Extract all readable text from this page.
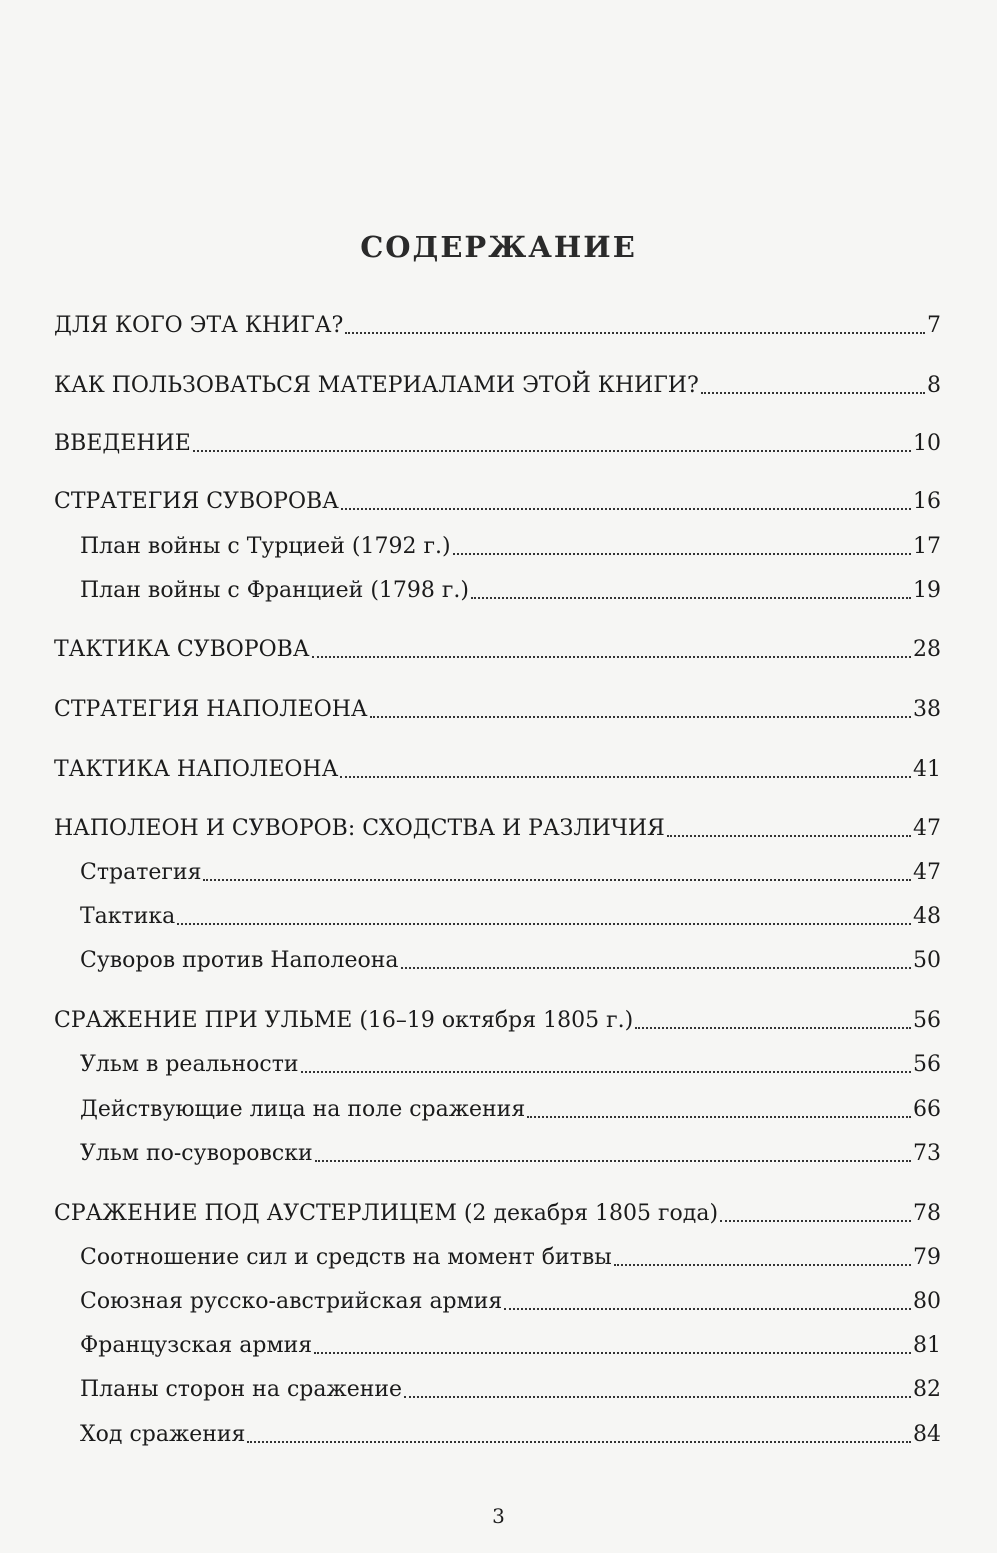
СОДЕРЖАНИЕ
ДЛЯ КОГО ЭТА КНИГА?	7
КАК ПОЛЬЗОВАТЬСЯ МАТЕРИАЛАМИ ЭТОЙ КНИГИ?	8
ВВЕДЕНИЕ	10
СТРАТЕГИЯ СУВОРОВА	16
План войны с Турцией (1792 г.)	17
План войны с Францией (1798 г.)	19
ТАКТИКА СУВОРОВА	28
СТРАТЕГИЯ НАПОЛЕОНА	38
ТАКТИКА НАПОЛЕОНА	41
НАПОЛЕОН И СУВОРОВ: СХОДСТВА И РАЗЛИЧИЯ	47
Стратегия	47
Тактика	48
Суворов против Наполеона	50
СРАЖЕНИЕ ПРИ УЛЬМЕ (16–19 октября 1805 г.)	56
Ульм в реальности	56
Действующие лица на поле сражения	66
Ульм по-суворовски	73
СРАЖЕНИЕ ПОД АУСТЕРЛИЦЕМ (2 декабря 1805 года)	78
Соотношение сил и средств на момент битвы	79
Союзная русско-австрийская армия	80
Французская армия	81
Планы сторон на сражение	82
Ход сражения	84
3
